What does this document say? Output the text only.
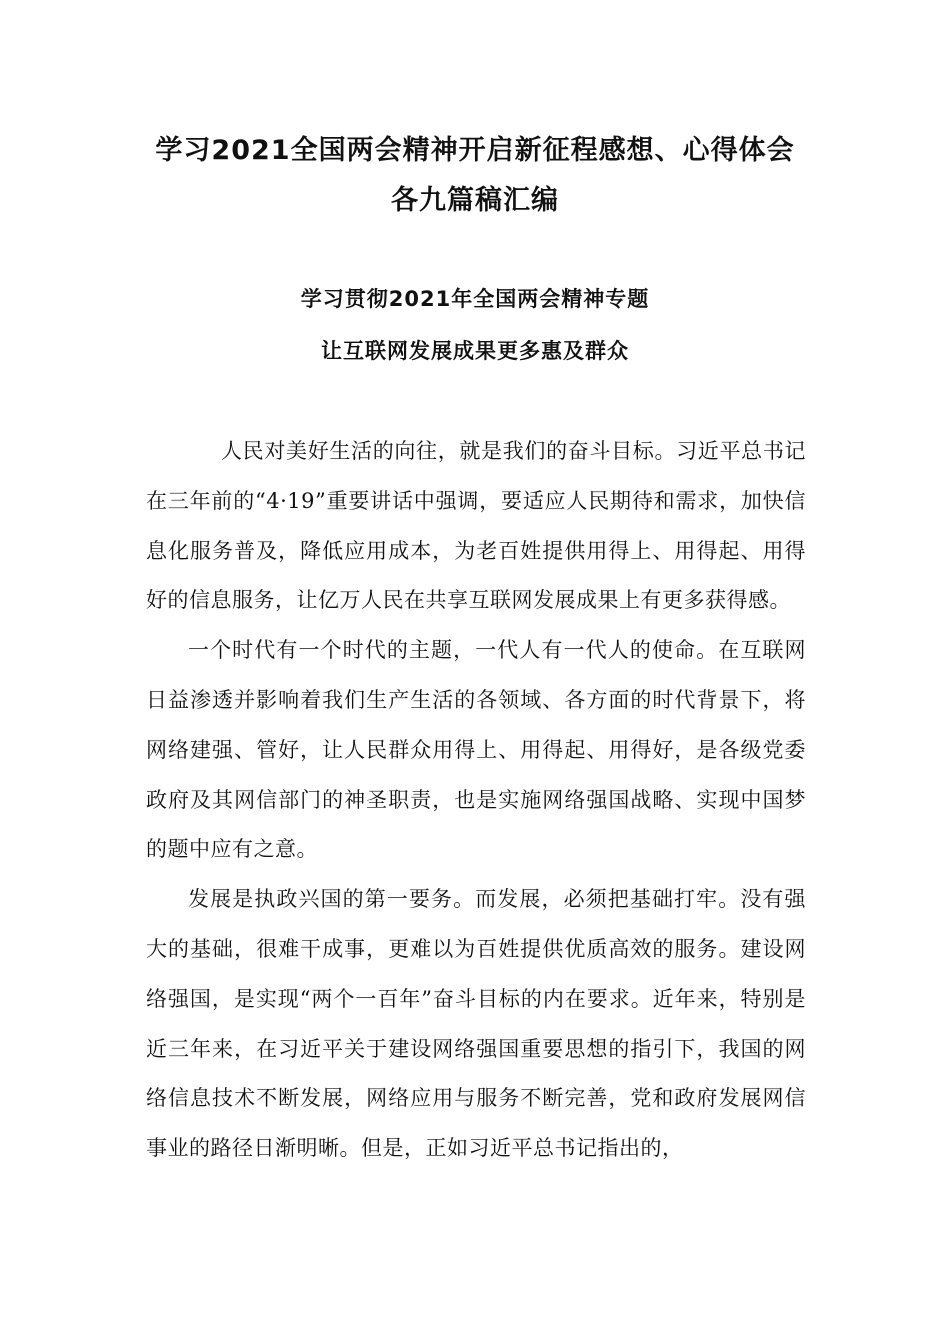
学习2021全国两会精神开启新征程感想、心得体会
各九篇稿汇编
学习贯彻2021年全国两会精神专题
让互联网发展成果更多惠及群众

人民对美好生活的向往，就是我们的奋斗目标。习近平总书记在三年前的“4·19”重要讲话中强调，要适应人民期待和需求，加快信息化服务普及，降低应用成本，为老百姓提供用得上、用得起、用得好的信息服务，让亿万人民在共享互联网发展成果上有更多获得感。

一个时代有一个时代的主题，一代人有一代人的使命。在互联网日益渗透并影响着我们生产生活的各领域、各方面的时代背景下，将网络建强、管好，让人民群众用得上、用得起、用得好，是各级党委政府及其网信部门的神圣职责，也是实施网络强国战略、实现中国梦的题中应有之意。

发展是执政兴国的第一要务。而发展，必须把基础打牢。没有强大的基础，很难干成事，更难以为百姓提供优质高效的服务。建设网络强国，是实现“两个一百年”奋斗目标的内在要求。近年来，特别是近三年来，在习近平关于建设网络强国重要思想的指引下，我国的网络信息技术不断发展，网络应用与服务不断完善，党和政府发展网信事业的路径日渐明晰。但是，正如习近平总书记指出的，
